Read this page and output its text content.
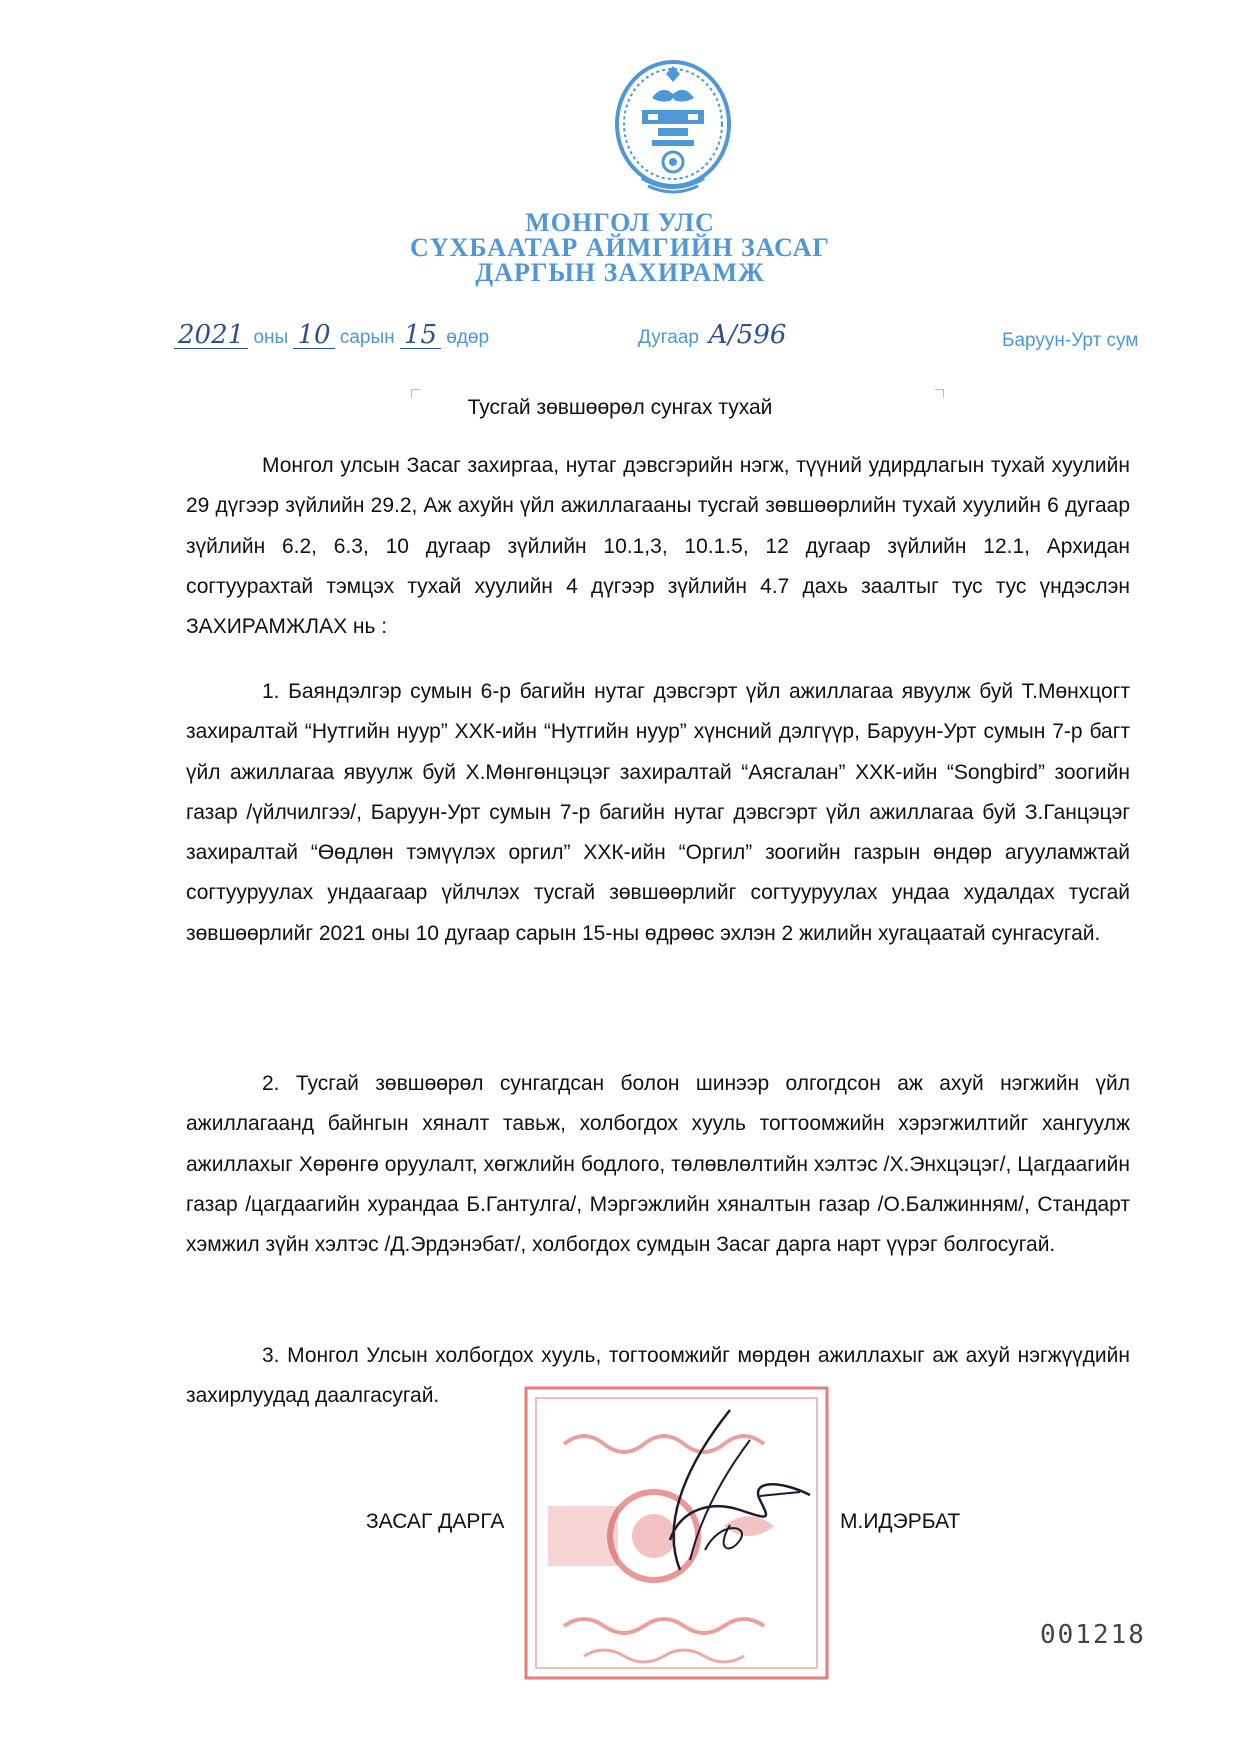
МОНГОЛ УЛС
СҮХБААТАР АЙМГИЙН ЗАСАГ
ДАРГЫН ЗАХИРАМЖ
2021 оны 10 сарын 15 өдөр	Дугаар А/596	Баруун-Урт сум
Тусгай зөвшөөрөл сунгах тухай

Монгол улсын Засаг захиргаа, нутаг дэвсгэрийн нэгж, түүний удирдлагын тухай хуулийн 29 дүгээр зүйлийн 29.2, Аж ахуйн үйл ажиллагааны тусгай зөвшөөрлийн тухай хуулийн 6 дугаар зүйлийн 6.2, 6.3, 10 дугаар зүйлийн 10.1,3, 10.1.5, 12 дугаар зүйлийн 12.1, Архидан согтуурахтай тэмцэх тухай хуулийн 4 дүгээр зүйлийн 4.7 дахь заалтыг тус тус үндэслэн ЗАХИРАМЖЛАХ нь :

1. Баяндэлгэр сумын 6-р багийн нутаг дэвсгэрт үйл ажиллагаа явуулж буй Т.Мөнхцогт захиралтай “Нутгийн нуур” ХХК-ийн “Нутгийн нуур” хүнсний дэлгүүр, Баруун-Урт сумын 7-р багт үйл ажиллагаа явуулж буй Х.Мөнгөнцэцэг захиралтай “Аясгалан” ХХК-ийн “Songbird” зоогийн газар /үйлчилгээ/, Баруун-Урт сумын 7-р багийн нутаг дэвсгэрт үйл ажиллагаа буй З.Ганцэцэг захиралтай “Өөдлөн тэмүүлэх оргил” ХХК-ийн “Оргил” зоогийн газрын өндөр агууламжтай согтууруулах ундаагаар үйлчлэх тусгай зөвшөөрлийг согтууруулах ундаа худалдах тусгай зөвшөөрлийг 2021 оны 10 дугаар сарын 15-ны өдрөөс эхлэн 2 жилийн хугацаатай сунгасугай.

2. Тусгай зөвшөөрөл сунгагдсан болон шинээр олгогдсон аж ахуй нэгжийн үйл ажиллагаанд байнгын хяналт тавьж, холбогдох хууль тогтоомжийн хэрэгжилтийг хангуулж ажиллахыг Хөрөнгө оруулалт, хөгжлийн бодлого, төлөвлөлтийн хэлтэс /Х.Энхцэцэг/, Цагдаагийн газар /цагдаагийн хурандаа Б.Гантулга/, Мэргэжлийн хяналтын газар /О.Балжинням/, Стандарт хэмжил зүйн хэлтэс /Д.Эрдэнэбат/, холбогдох сумдын Засаг дарга нарт үүрэг болгосугай.

3. Монгол Улсын холбогдох хууль, тогтоомжийг мөрдөн ажиллахыг аж ахуй нэгжүүдийн захирлуудад даалгасугай.

ЗАСАГ ДАРГА	М.ИДЭРБАТ
001218
